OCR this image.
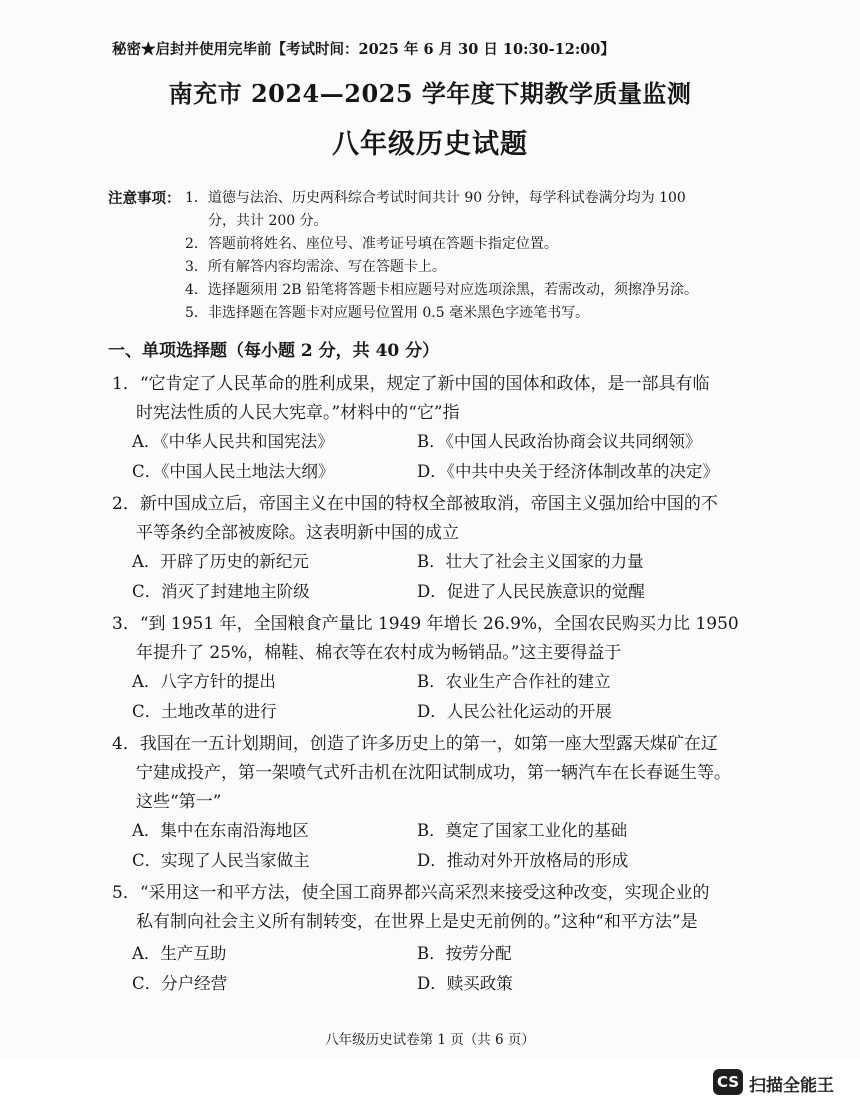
秘密★启封并使用完毕前【考试时间：2025 年 6 月 30 日 10:30-12:00】
南充市 2024—2025 学年度下期教学质量监测
八年级历史试题
注意事项： 1．道德与法治、历史两科综合考试时间共计 90 分钟，每学科试卷满分均为 100
分，共计 200 分。
2．答题前将姓名、座位号、准考证号填在答题卡指定位置。
3．所有解答内容均需涂、写在答题卡上。
4．选择题须用 2B 铅笔将答题卡相应题号对应选项涂黑，若需改动，须擦净另涂。
5．非选择题在答题卡对应题号位置用 0.5 毫米黑色字迹笔书写。
一、单项选择题（每小题 2 分，共 40 分）
1．“它肯定了人民革命的胜利成果，规定了新中国的国体和政体，是一部具有临
时宪法性质的人民大宪章。”材料中的“它”指
A．《中华人民共和国宪法》	B．《中国人民政治协商会议共同纲领》
C．《中国人民土地法大纲》	D．《中共中央关于经济体制改革的决定》
2．新中国成立后，帝国主义在中国的特权全部被取消，帝国主义强加给中国的不
平等条约全部被废除。这表明新中国的成立
A．开辟了历史的新纪元	B．壮大了社会主义国家的力量
C．消灭了封建地主阶级	D．促进了人民民族意识的觉醒
3．“到 1951 年，全国粮食产量比 1949 年增长 26.9%，全国农民购买力比 1950
年提升了 25%，棉鞋、棉衣等在农村成为畅销品。”这主要得益于
A．八字方针的提出	B．农业生产合作社的建立
C．土地改革的进行	D．人民公社化运动的开展
4．我国在一五计划期间，创造了许多历史上的第一，如第一座大型露天煤矿在辽
宁建成投产，第一架喷气式歼击机在沈阳试制成功，第一辆汽车在长春诞生等。
这些“第一”
A．集中在东南沿海地区	B．奠定了国家工业化的基础
C．实现了人民当家做主	D．推动对外开放格局的形成
5．“采用这一和平方法，使全国工商界都兴高采烈来接受这种改变，实现企业的
私有制向社会主义所有制转变，在世界上是史无前例的。”这种“和平方法”是
A．生产互助	B．按劳分配
C．分户经营	D．赎买政策
八年级历史试卷第 1 页（共 6 页）
CS 扫描全能王
